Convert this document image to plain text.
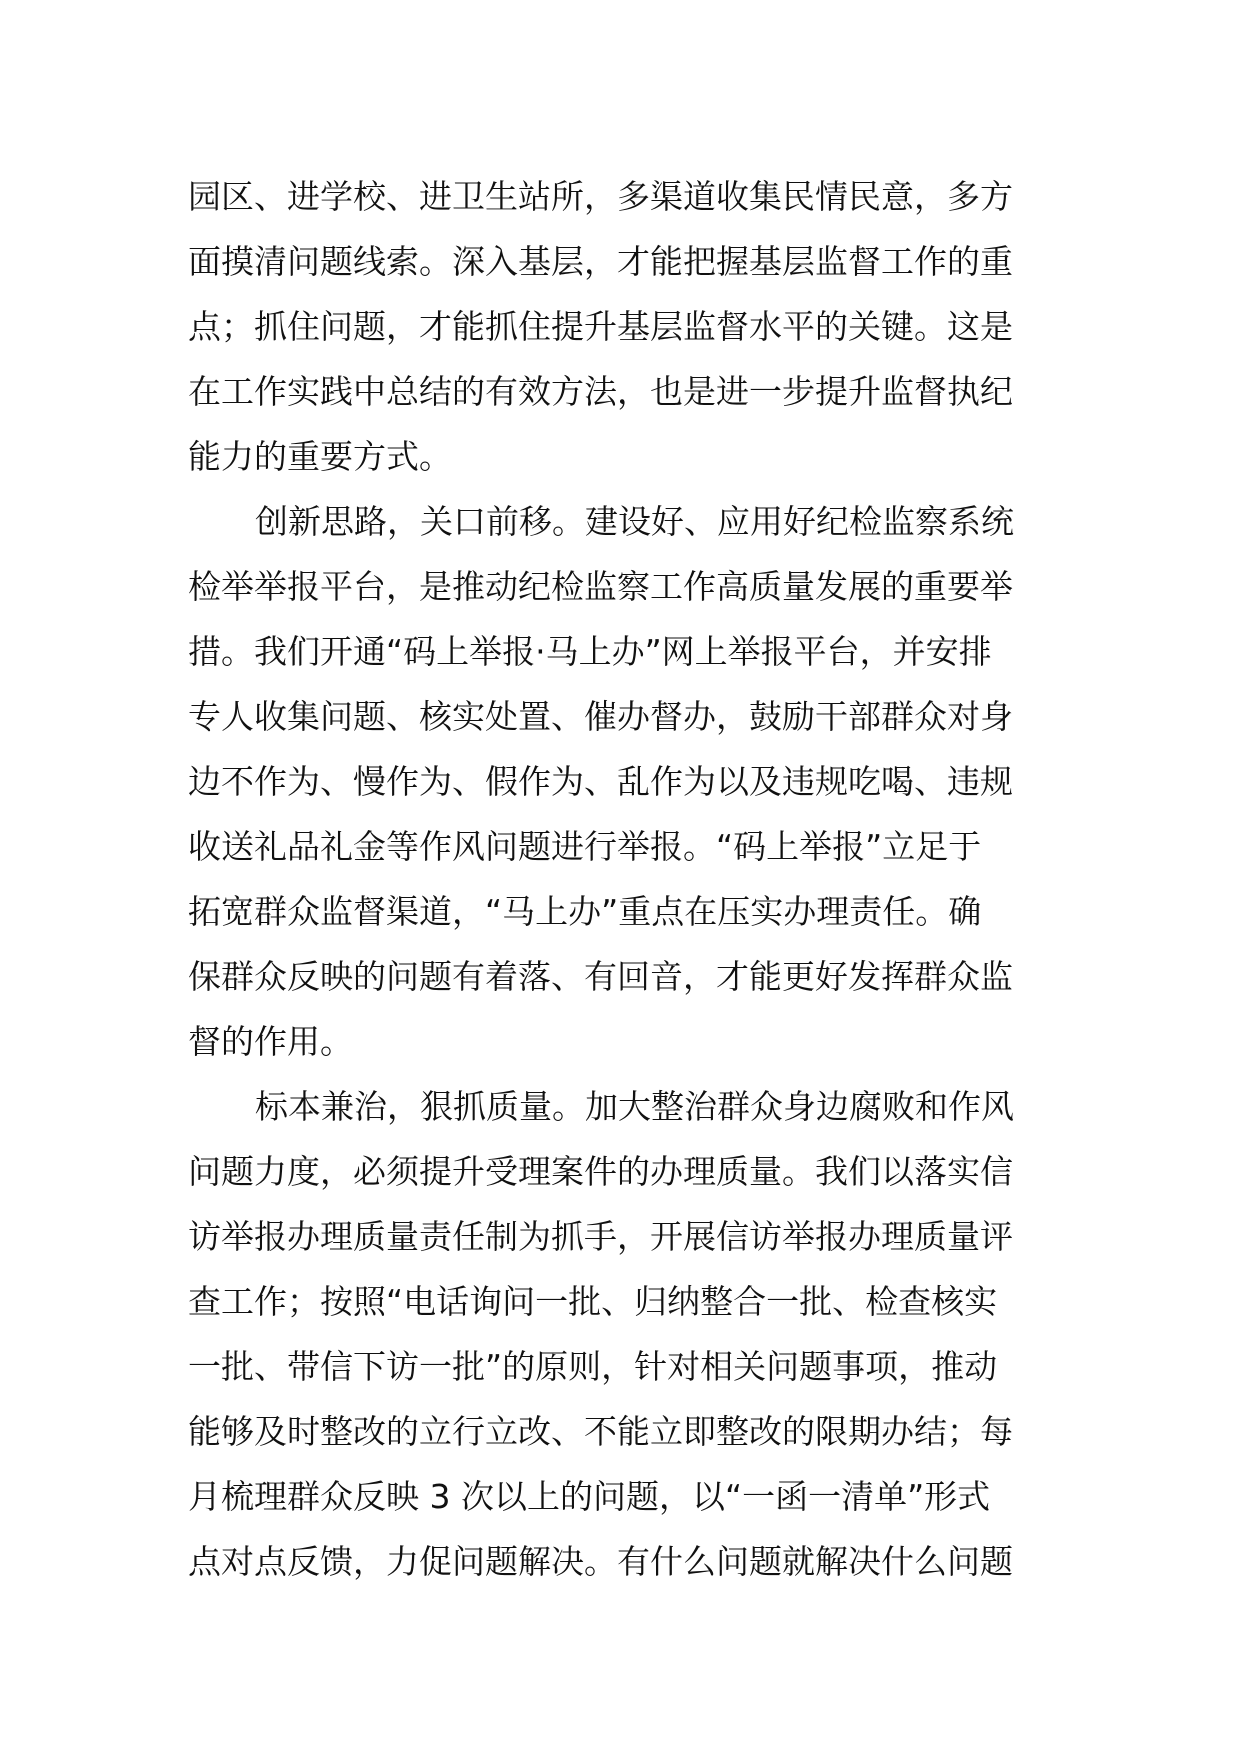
园区、进学校、进卫生站所，多渠道收集民情民意，多方
面摸清问题线索。深入基层，才能把握基层监督工作的重
点；抓住问题，才能抓住提升基层监督水平的关键。这是
在工作实践中总结的有效方法，也是进一步提升监督执纪
能力的重要方式。
创新思路，关口前移。建设好、应用好纪检监察系统
检举举报平台，是推动纪检监察工作高质量发展的重要举
措。我们开通“码上举报·马上办”网上举报平台，并安排
专人收集问题、核实处置、催办督办，鼓励干部群众对身
边不作为、慢作为、假作为、乱作为以及违规吃喝、违规
收送礼品礼金等作风问题进行举报。“码上举报”立足于
拓宽群众监督渠道，“马上办”重点在压实办理责任。确
保群众反映的问题有着落、有回音，才能更好发挥群众监
督的作用。
标本兼治，狠抓质量。加大整治群众身边腐败和作风
问题力度，必须提升受理案件的办理质量。我们以落实信
访举报办理质量责任制为抓手，开展信访举报办理质量评
查工作；按照“电话询问一批、归纳整合一批、检查核实
一批、带信下访一批”的原则，针对相关问题事项，推动
能够及时整改的立行立改、不能立即整改的限期办结；每
月梳理群众反映 3 次以上的问题，以“一函一清单”形式
点对点反馈，力促问题解决。有什么问题就解决什么问题
